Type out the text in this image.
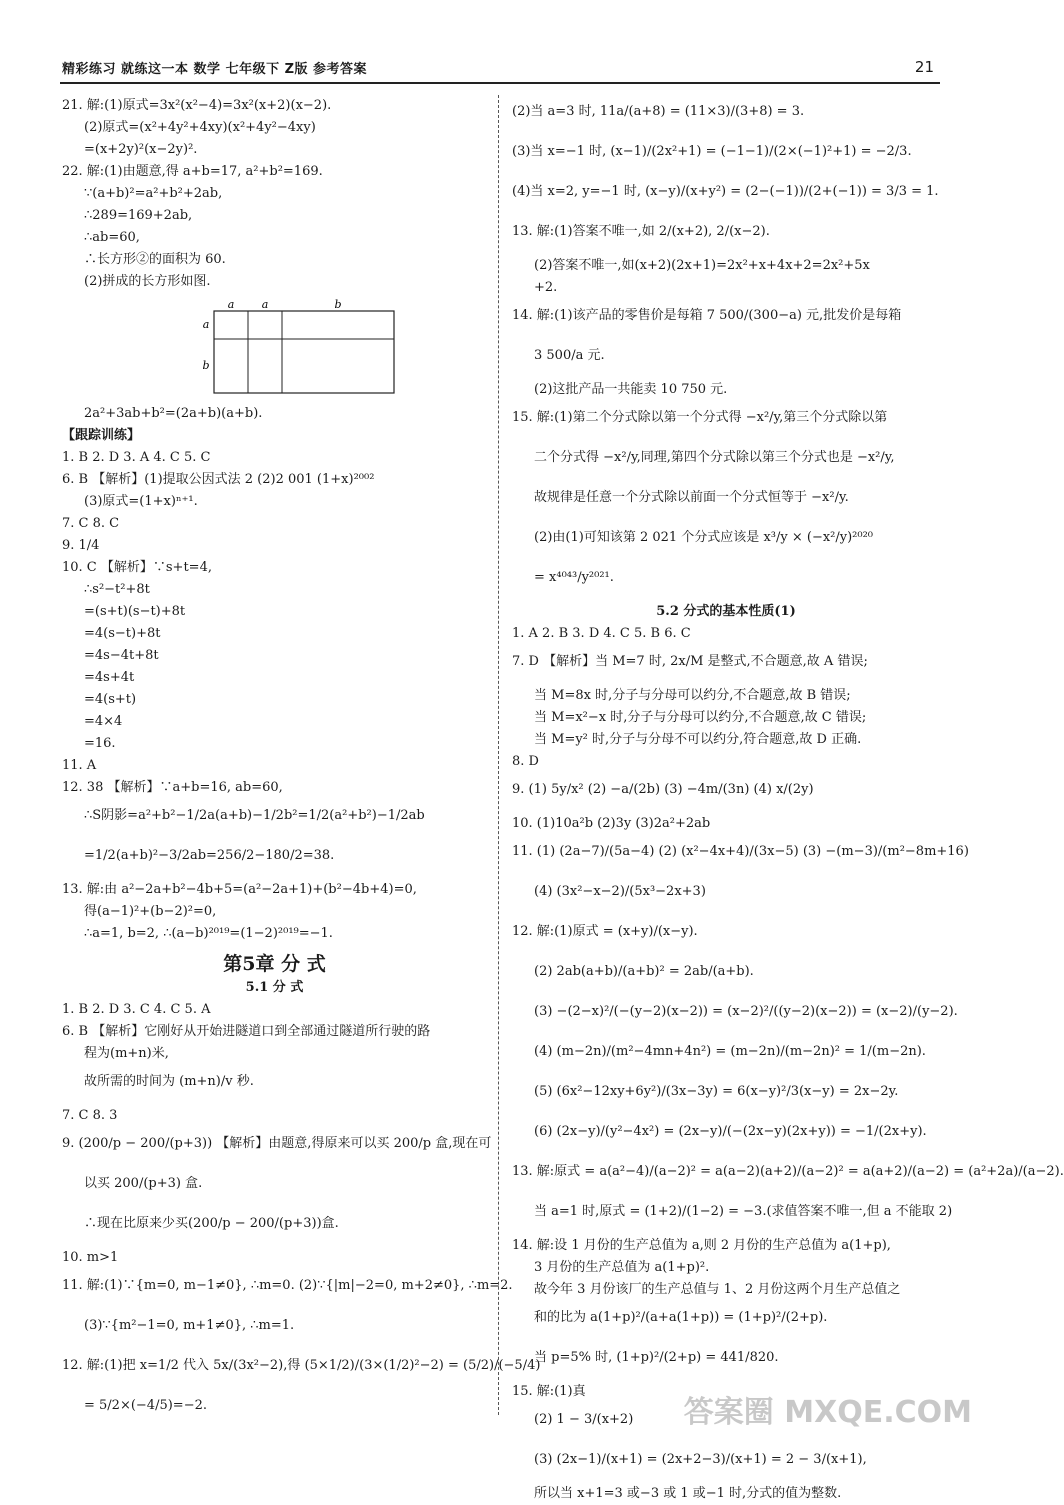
精彩练习 就练这一本 数学 七年级下 Z版 参考答案	21
21. 解:(1)原式=3x²(x²−4)=3x²(x+2)(x−2).
(2)原式=(x²+4y²+4xy)(x²+4y²−4xy)
=(x+2y)²(x−2y)².
22. 解:(1)由题意,得 a+b=17, a²+b²=169.
∵(a+b)²=a²+b²+2ab,
∴289=169+2ab,
∴ab=60,
∴长方形②的面积为 60.
(2)拼成的长方形如图.
a a	b
a
b
2a²+3ab+b²=(2a+b)(a+b).
【跟踪训练】
1. B 2. D 3. A 4. C 5. C
6. B 【解析】(1)提取公因式法 2 (2)2 001 (1+x)²⁰⁰²
(3)原式=(1+x)ⁿ⁺¹.
7. C 8. C
9. 1/4
10. C 【解析】∵s+t=4,
∴s²−t²+8t
=(s+t)(s−t)+8t
=4(s−t)+8t
=4s−4t+8t
=4s+4t
=4(s+t)
=4×4
=16.
11. A
12. 38 【解析】∵a+b=16, ab=60,
∴S阴影=a²+b²−1/2a(a+b)−1/2b²=1/2(a²+b²)−1/2ab
=1/2(a+b)²−3/2ab=256/2−180/2=38.
13. 解:由 a²−2a+b²−4b+5=(a²−2a+1)+(b²−4b+4)=0,
得(a−1)²+(b−2)²=0,
∴a=1, b=2, ∴(a−b)²⁰¹⁹=(1−2)²⁰¹⁹=−1.
第5章 分 式
5.1 分 式
1. B 2. D 3. C 4. C 5. A
6. B 【解析】它刚好从开始进隧道口到全部通过隧道所行驶的路
程为(m+n)米,
故所需的时间为 (m+n)/v 秒.
7. C 8. 3
9. (200/p − 200/(p+3)) 【解析】由题意,得原来可以买 200/p 盒,现在可
以买 200/(p+3) 盒.
∴现在比原来少买(200/p − 200/(p+3))盒.
10. m>1
11. 解:(1)∵{m=0, m−1≠0}, ∴m=0. (2)∵{|m|−2=0, m+2≠0}, ∴m=2.
(3)∵{m²−1=0, m+1≠0}, ∴m=1.
12. 解:(1)把 x=1/2 代入 5x/(3x²−2),得 (5×1/2)/(3×(1/2)²−2) = (5/2)/(−5/4)
= 5/2×(−4/5)=−2.
(2)当 a=3 时, 11a/(a+8) = (11×3)/(3+8) = 3.
(3)当 x=−1 时, (x−1)/(2x²+1) = (−1−1)/(2×(−1)²+1) = −2/3.
(4)当 x=2, y=−1 时, (x−y)/(x+y²) = (2−(−1))/(2+(−1)) = 3/3 = 1.
13. 解:(1)答案不唯一,如 2/(x+2), 2/(x−2).
(2)答案不唯一,如(x+2)(2x+1)=2x²+x+4x+2=2x²+5x
+2.
14. 解:(1)该产品的零售价是每箱 7 500/(300−a) 元,批发价是每箱
3 500/a 元.
(2)这批产品一共能卖 10 750 元.
15. 解:(1)第二个分式除以第一个分式得 −x²/y,第三个分式除以第
二个分式得 −x²/y,同理,第四个分式除以第三个分式也是 −x²/y,
故规律是任意一个分式除以前面一个分式恒等于 −x²/y.
(2)由(1)可知该第 2 021 个分式应该是 x³/y × (−x²/y)²⁰²⁰
= x⁴⁰⁴³/y²⁰²¹.
5.2 分式的基本性质(1)
1. A 2. B 3. D 4. C 5. B 6. C
7. D 【解析】当 M=7 时, 2x/M 是整式,不合题意,故 A 错误;
当 M=8x 时,分子与分母可以约分,不合题意,故 B 错误;
当 M=x²−x 时,分子与分母可以约分,不合题意,故 C 错误;
当 M=y² 时,分子与分母不可以约分,符合题意,故 D 正确.
8. D
9. (1) 5y/x² (2) −a/(2b) (3) −4m/(3n) (4) x/(2y)
10. (1)10a²b (2)3y (3)2a²+2ab
11. (1) (2a−7)/(5a−4) (2) (x²−4x+4)/(3x−5) (3) −(m−3)/(m²−8m+16)
(4) (3x²−x−2)/(5x³−2x+3)
12. 解:(1)原式 = (x+y)/(x−y).
(2) 2ab(a+b)/(a+b)² = 2ab/(a+b).
(3) −(2−x)²/(−(y−2)(x−2)) = (x−2)²/((y−2)(x−2)) = (x−2)/(y−2).
(4) (m−2n)/(m²−4mn+4n²) = (m−2n)/(m−2n)² = 1/(m−2n).
(5) (6x²−12xy+6y²)/(3x−3y) = 6(x−y)²/3(x−y) = 2x−2y.
(6) (2x−y)/(y²−4x²) = (2x−y)/(−(2x−y)(2x+y)) = −1/(2x+y).
13. 解:原式 = a(a²−4)/(a−2)² = a(a−2)(a+2)/(a−2)² = a(a+2)/(a−2) = (a²+2a)/(a−2).
当 a=1 时,原式 = (1+2)/(1−2) = −3.(求值答案不唯一,但 a 不能取 2)
14. 解:设 1 月份的生产总值为 a,则 2 月份的生产总值为 a(1+p),
3 月份的生产总值为 a(1+p)².
故今年 3 月份该厂的生产总值与 1、2 月份这两个月生产总值之
和的比为 a(1+p)²/(a+a(1+p)) = (1+p)²/(2+p).
当 p=5% 时, (1+p)²/(2+p) = 441/820.
15. 解:(1)真
(2) 1 − 3/(x+2)
(3) (2x−1)/(x+1) = (2x+2−3)/(x+1) = 2 − 3/(x+1),
所以当 x+1=3 或−3 或 1 或−1 时,分式的值为整数.
答案圈 MXQE.COM
